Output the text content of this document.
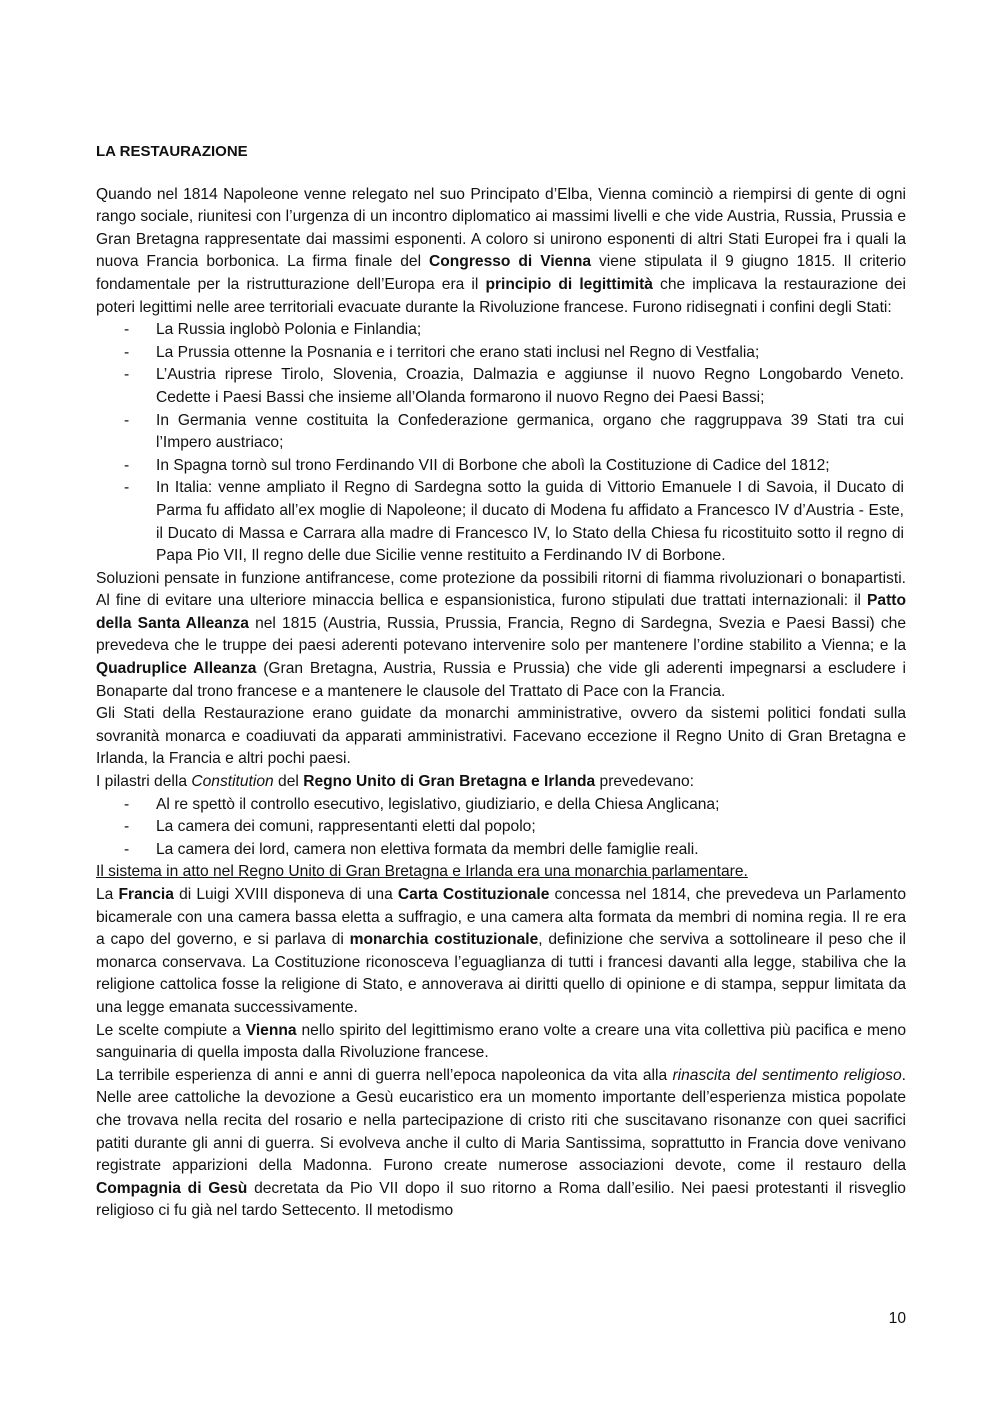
LA RESTAURAZIONE

Quando nel 1814 Napoleone venne relegato nel suo Principato d’Elba, Vienna cominciò a riempirsi di gente di ogni rango sociale, riunitesi con l’urgenza di un incontro diplomatico ai massimi livelli e che vide Austria, Russia, Prussia e Gran Bretagna rappresentate dai massimi esponenti. A coloro si unirono esponenti di altri Stati Europei fra i quali la nuova Francia borbonica. La firma finale del Congresso di Vienna viene stipulata il 9 giugno 1815. Il criterio fondamentale per la ristrutturazione dell’Europa era il principio di legittimità che implicava la restaurazione dei poteri legittimi nelle aree territoriali evacuate durante la Rivoluzione francese. Furono ridisegnati i confini degli Stati:

- La Russia inglobò Polonia e Finlandia;
- La Prussia ottenne la Posnania e i territori che erano stati inclusi nel Regno di Vestfalia;
- L’Austria riprese Tirolo, Slovenia, Croazia, Dalmazia e aggiunse il nuovo Regno Longobardo Veneto. Cedette i Paesi Bassi che insieme all’Olanda formarono il nuovo Regno dei Paesi Bassi;
- In Germania venne costituita la Confederazione germanica, organo che raggruppava 39 Stati tra cui l’Impero austriaco;
- In Spagna tornò sul trono Ferdinando VII di Borbone che abolì la Costituzione di Cadice del 1812;
- In Italia: venne ampliato il Regno di Sardegna sotto la guida di Vittorio Emanuele I di Savoia, il Ducato di Parma fu affidato all’ex moglie di Napoleone; il ducato di Modena fu affidato a Francesco IV d’Austria - Este, il Ducato di Massa e Carrara alla madre di Francesco IV, lo Stato della Chiesa fu ricostituito sotto il regno di Papa Pio VII, Il regno delle due Sicilie venne restituito a Ferdinando IV di Borbone.

Soluzioni pensate in funzione antifrancese, come protezione da possibili ritorni di fiamma rivoluzionari o bonapartisti. Al fine di evitare una ulteriore minaccia bellica e espansionistica, furono stipulati due trattati internazionali: il Patto della Santa Alleanza nel 1815 (Austria, Russia, Prussia, Francia, Regno di Sardegna, Svezia e Paesi Bassi) che prevedeva che le truppe dei paesi aderenti potevano intervenire solo per mantenere l’ordine stabilito a Vienna; e la Quadruplice Alleanza (Gran Bretagna, Austria, Russia e Prussia) che vide gli aderenti impegnarsi a escludere i Bonaparte dal trono francese e a mantenere le clausole del Trattato di Pace con la Francia.

Gli Stati della Restaurazione erano guidate da monarchi amministrative, ovvero da sistemi politici fondati sulla sovranità monarca e coadiuvati da apparati amministrativi. Facevano eccezione il Regno Unito di Gran Bretagna e Irlanda, la Francia e altri pochi paesi.

I pilastri della Constitution del Regno Unito di Gran Bretagna e Irlanda prevedevano:

- Al re spettò il controllo esecutivo, legislativo, giudiziario, e della Chiesa Anglicana;
- La camera dei comuni, rappresentanti eletti dal popolo;
- La camera dei lord, camera non elettiva formata da membri delle famiglie reali.

Il sistema in atto nel Regno Unito di Gran Bretagna e Irlanda era una monarchia parlamentare.

La Francia di Luigi XVIII disponeva di una Carta Costituzionale concessa nel 1814, che prevedeva un Parlamento bicamerale con una camera bassa eletta a suffragio, e una camera alta formata da membri di nomina regia. Il re era a capo del governo, e si parlava di monarchia costituzionale, definizione che serviva a sottolineare il peso che il monarca conservava. La Costituzione riconosceva l’eguaglianza di tutti i francesi davanti alla legge, stabiliva che la religione cattolica fosse la religione di Stato, e annoverava ai diritti quello di opinione e di stampa, seppur limitata da una legge emanata successivamente.

Le scelte compiute a Vienna nello spirito del legittimismo erano volte a creare una vita collettiva più pacifica e meno sanguinaria di quella imposta dalla Rivoluzione francese.

La terribile esperienza di anni e anni di guerra nell’epoca napoleonica da vita alla rinascita del sentimento religioso. Nelle aree cattoliche la devozione a Gesù eucaristico era un momento importante dell’esperienza mistica popolate che trovava nella recita del rosario e nella partecipazione di cristo riti che suscitavano risonanze con quei sacrifici patiti durante gli anni di guerra. Si evolveva anche il culto di Maria Santissima, soprattutto in Francia dove venivano registrate apparizioni della Madonna. Furono create numerose associazioni devote, come il restauro della Compagnia di Gesù decretata da Pio VII dopo il suo ritorno a Roma dall’esilio. Nei paesi protestanti il risveglio religioso ci fu già nel tardo Settecento. Il metodismo

10
